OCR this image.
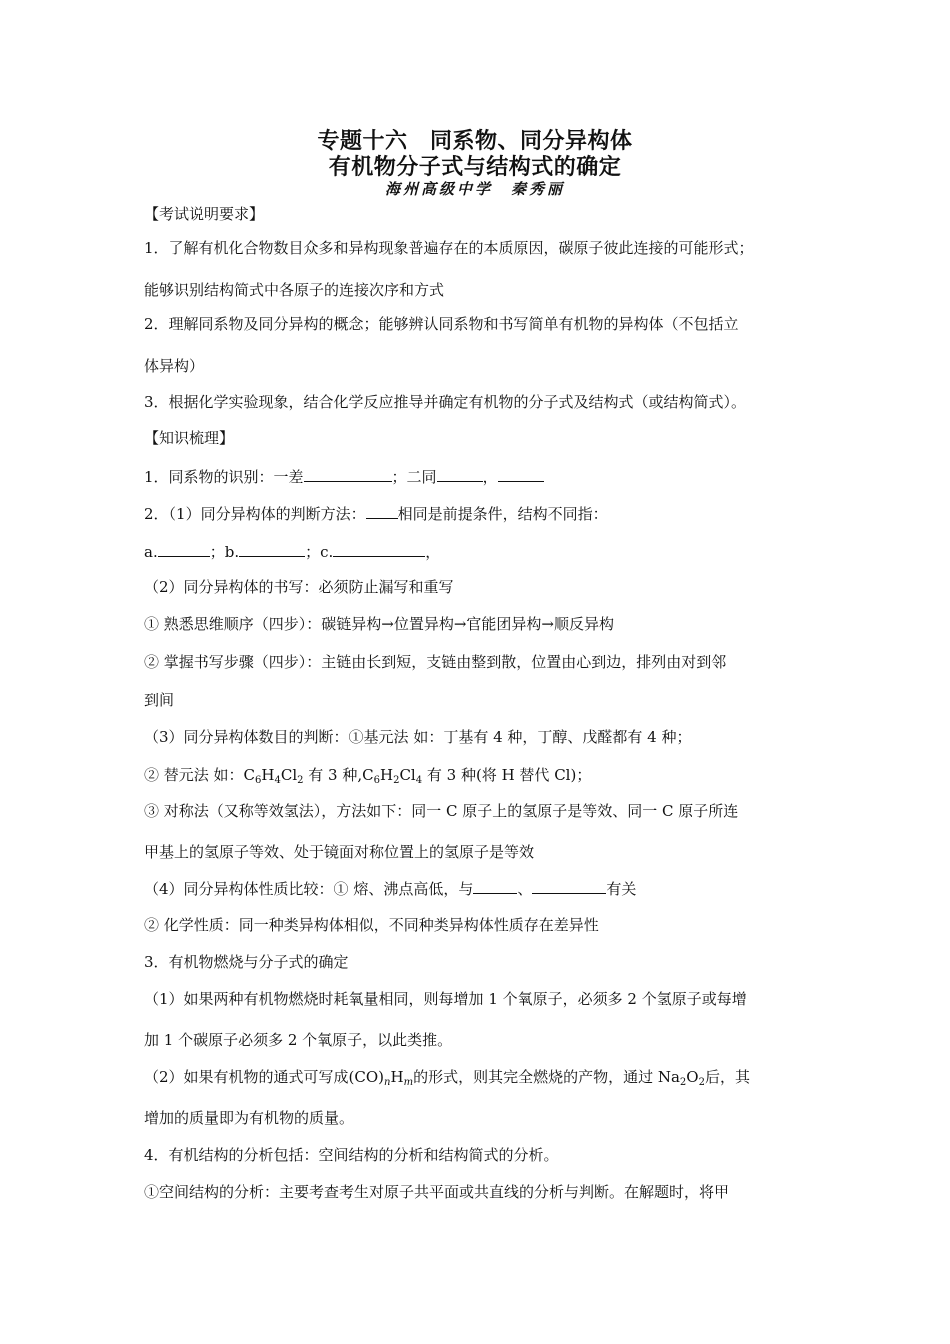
专题十六　同系物、同分异构体
有机物分子式与结构式的确定
海州高级中学　秦秀丽
【考试说明要求】
1．了解有机化合物数目众多和异构现象普遍存在的本质原因，碳原子彼此连接的可能形式；
能够识别结构简式中各原子的连接次序和方式
2．理解同系物及同分异构的概念；能够辨认同系物和书写简单有机物的异构体（不包括立
体异构）
3．根据化学实验现象，结合化学反应推导并确定有机物的分子式及结构式（或结构简式）。
【知识梳理】
1．同系物的识别：一差	；二同	，
2．（1）同分异构体的判断方法： 相同是前提条件，结构不同指：
a.	；b.	；c.	，
（2）同分异构体的书写：必须防止漏写和重写
① 熟悉思维顺序（四步）：碳链异构→位置异构→官能团异构→顺反异构
② 掌握书写步骤（四步）：主链由长到短，支链由整到散，位置由心到边，排列由对到邻
到间
（3）同分异构体数目的判断：①基元法 如：丁基有 4 种，丁醇、戊醛都有 4 种；
② 替元法 如：$C_6H_4Cl_2$ 有 3 种$,C_6H_2Cl_4$ 有 3 种(将 H 替代 Cl)；
③ 对称法（又称等效氢法），方法如下：同一 C 原子上的氢原子是等效、同一 C 原子所连
甲基上的氢原子等效、处于镜面对称位置上的氢原子是等效
（4）同分异构体性质比较：① 熔、沸点高低，与	、	有关
② 化学性质：同一种类异构体相似，不同种类异构体性质存在差异性
3．有机物燃烧与分子式的确定
（1）如果两种有机物燃烧时耗氧量相同，则每增加 1 个氧原子，必须多 2 个氢原子或每增
加 1 个碳原子必须多 2 个氧原子，以此类推。
（2）如果有机物的通式可写成$(CO)_nH_m$的形式，则其完全燃烧的产物，通过 $Na_2O_2$后，其
增加的质量即为有机物的质量。
4．有机结构的分析包括：空间结构的分析和结构简式的分析。
①空间结构的分析：主要考查考生对原子共平面或共直线的分析与判断。在解题时，将甲
